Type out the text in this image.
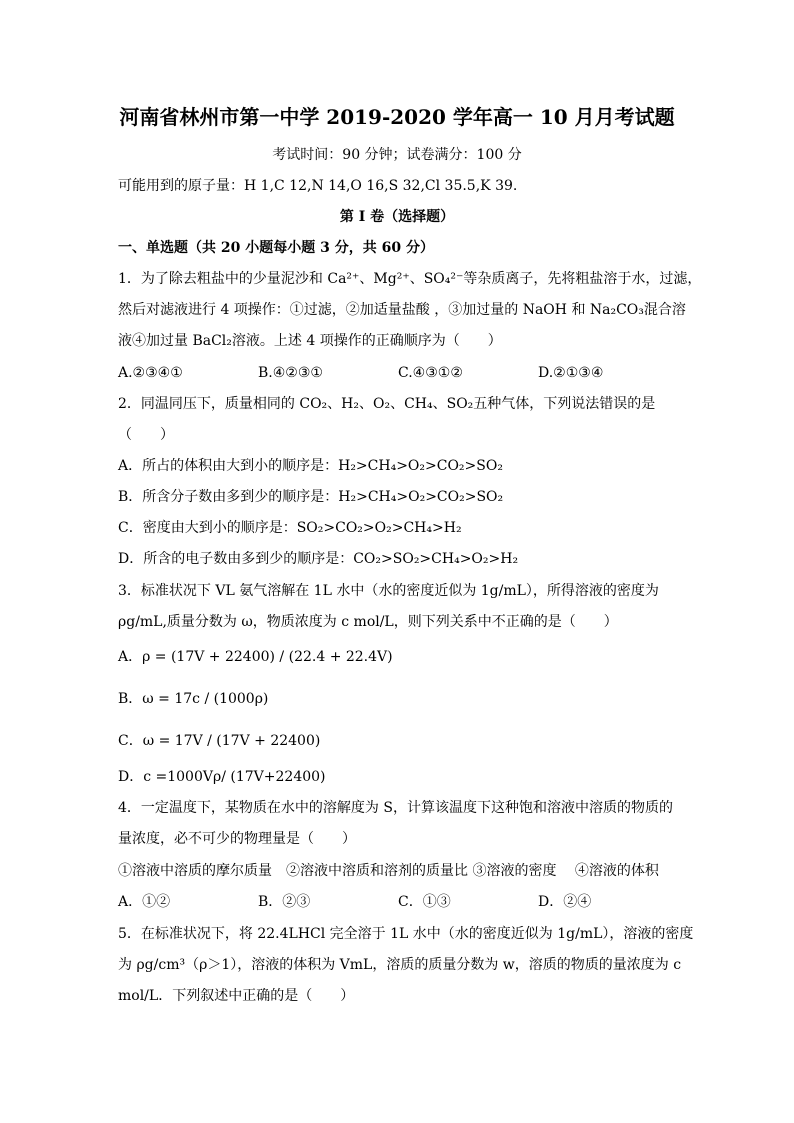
河南省林州市第一中学 2019-2020 学年高一 10 月月考试题
考试时间：90 分钟；试卷满分：100 分
可能用到的原子量：H 1,C 12,N 14,O 16,S 32,Cl 35.5,K 39.
第 I 卷（选择题）
一、单选题（共 20 小题每小题 3 分，共 60 分）
1．为了除去粗盐中的少量泥沙和 Ca²⁺、Mg²⁺、SO₄²⁻等杂质离子，先将粗盐溶于水，过滤，
然后对滤液进行 4 项操作：①过滤，②加适量盐酸 ，③加过量的 NaOH 和 Na₂CO₃混合溶
液④加过量 BaCl₂溶液。上述 4 项操作的正确顺序为（　　）
A.②③④①	B.④②③①	C.④③①②	D.②①③④
2．同温同压下，质量相同的 CO₂、H₂、O₂、CH₄、SO₂五种气体，下列说法错误的是
（　　）
A．所占的体积由大到小的顺序是：H₂>CH₄>O₂>CO₂>SO₂
B．所含分子数由多到少的顺序是：H₂>CH₄>O₂>CO₂>SO₂
C．密度由大到小的顺序是：SO₂>CO₂>O₂>CH₄>H₂
D．所含的电子数由多到少的顺序是：CO₂>SO₂>CH₄>O₂>H₂
3．标准状况下 VL 氨气溶解在 1L 水中（水的密度近似为 1g/mL），所得溶液的密度为
ρg/mL,质量分数为 ω，物质浓度为 c mol/L，则下列关系中不正确的是（　　）
A．ρ = (17V + 22400) / (22.4 + 22.4V)
B．ω = 17c / (1000ρ)
C．ω = 17V / (17V + 22400)
D．c =1000Vρ/ (17V+22400)
4．一定温度下，某物质在水中的溶解度为 S，计算该温度下这种饱和溶液中溶质的物质的
量浓度，必不可少的物理量是（　　）
①溶液中溶质的摩尔质量　②溶液中溶质和溶剂的质量比 ③溶液的密度　 ④溶液的体积
A．①②	B．②③	C．①③	D．②④
5．在标准状况下，将 22.4LHCl 完全溶于 1L 水中（水的密度近似为 1g/mL），溶液的密度
为 ρg/cm³（ρ＞1），溶液的体积为 VmL，溶质的质量分数为 w，溶质的物质的量浓度为 c
mol/L．下列叙述中正确的是（　　）
